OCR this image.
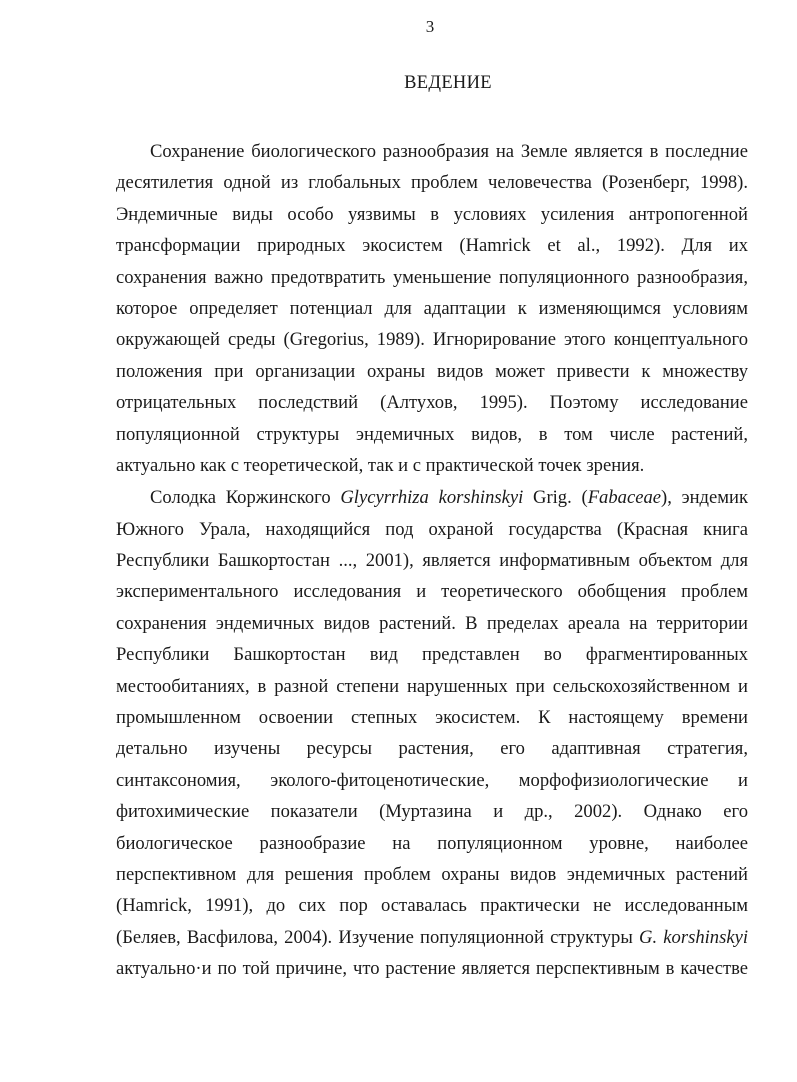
3
ВЕДЕНИЕ
Сохранение биологического разнообразия на Земле является в последние
десятилетия одной из глобальных проблем человечества (Розенберг, 1998).
Эндемичные виды особо уязвимы в условиях усиления антропогенной
трансформации природных экосистем (Hamrick et al., 1992). Для их
сохранения важно предотвратить уменьшение популяционного разнообразия,
которое определяет потенциал для адаптации к изменяющимся условиям
окружающей среды (Gregorius, 1989). Игнорирование этого концептуального
положения при организации охраны видов может привести к множеству
отрицательных последствий (Алтухов, 1995). Поэтому исследование
популяционной структуры эндемичных видов, в том числе растений,
актуально как с теоретической, так и с практической точек зрения.
Солодка Коржинского Glycyrrhiza korshinskyi Grig. (Fabaceae), эндемик
Южного Урала, находящийся под охраной государства (Красная книга
Республики Башкортостан ..., 2001), является информативным объектом для
экспериментального исследования и теоретического обобщения проблем
сохранения эндемичных видов растений. В пределах ареала на территории
Республики Башкортостан вид представлен во фрагментированных
местообитаниях, в разной степени нарушенных при сельскохозяйственном и
промышленном освоении степных экосистем. К настоящему времени
детально изучены ресурсы растения, его адаптивная стратегия,
синтаксономия, эколого-фитоценотические, морфофизиологические и
фитохимические показатели (Муртазина и др., 2002). Однако его
биологическое разнообразие на популяционном уровне, наиболее
перспективном для решения проблем охраны видов эндемичных растений
(Hamrick, 1991), до сих пор оставалась практически не исследованным
(Беляев, Васфилова, 2004). Изучение популяционной структуры G. korshinskyi
актуально·и по той причине, что растение является перспективным в качестве
